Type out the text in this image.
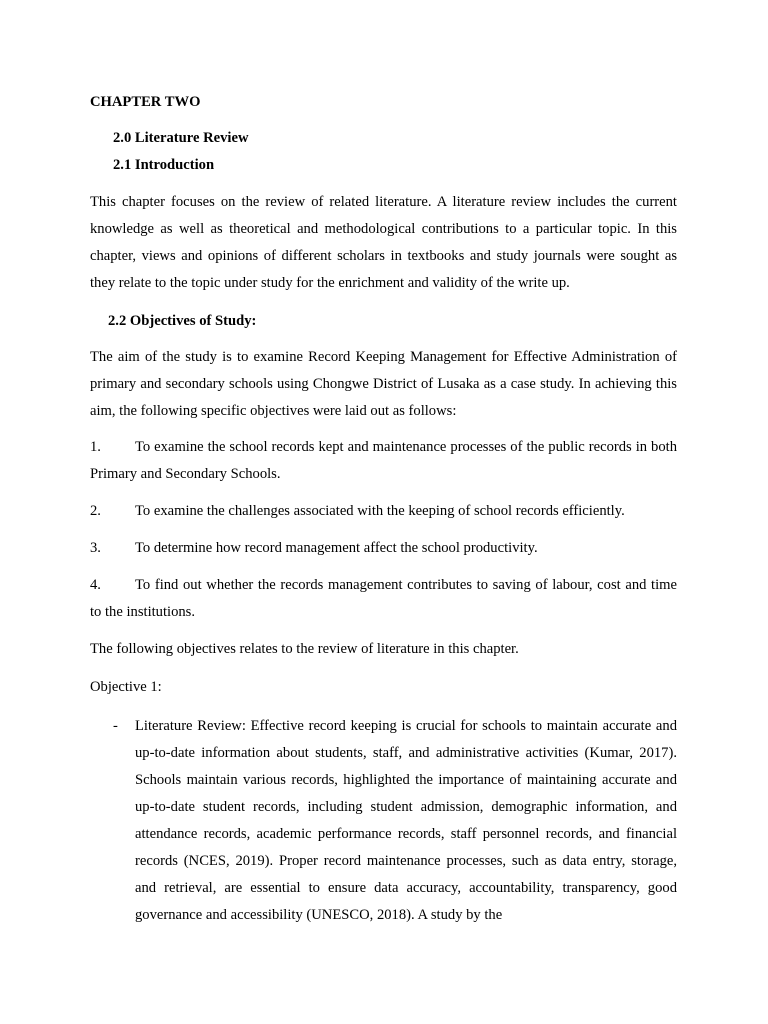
CHAPTER TWO
2.0 Literature Review
2.1 Introduction

This chapter focuses on the review of related literature. A literature review includes the current knowledge as well as theoretical and methodological contributions to a particular topic. In this chapter, views and opinions of different scholars in textbooks and study journals were sought as they relate to the topic under study for the enrichment and validity of the write up.

2.2 Objectives of Study:

The aim of the study is to examine Record Keeping Management for Effective Administration of primary and secondary schools using Chongwe District of Lusaka as a case study. In achieving this aim, the following specific objectives were laid out as follows:

1. To examine the school records kept and maintenance processes of the public records in both Primary and Secondary Schools.

2. To examine the challenges associated with the keeping of school records efficiently.

3. To determine how record management affect the school productivity.

4. To find out whether the records management contributes to saving of labour, cost and time to the institutions.

The following objectives relates to the review of literature in this chapter.
Objective 1:
- Literature Review: Effective record keeping is crucial for schools to maintain accurate and up-to-date information about students, staff, and administrative activities (Kumar, 2017). Schools maintain various records, highlighted the importance of maintaining accurate and up-to-date student records, including student admission, demographic information, and attendance records, academic performance records, staff personnel records, and financial records (NCES, 2019). Proper record maintenance processes, such as data entry, storage, and retrieval, are essential to ensure data accuracy, accountability, transparency, good governance and accessibility (UNESCO, 2018). A study by the
